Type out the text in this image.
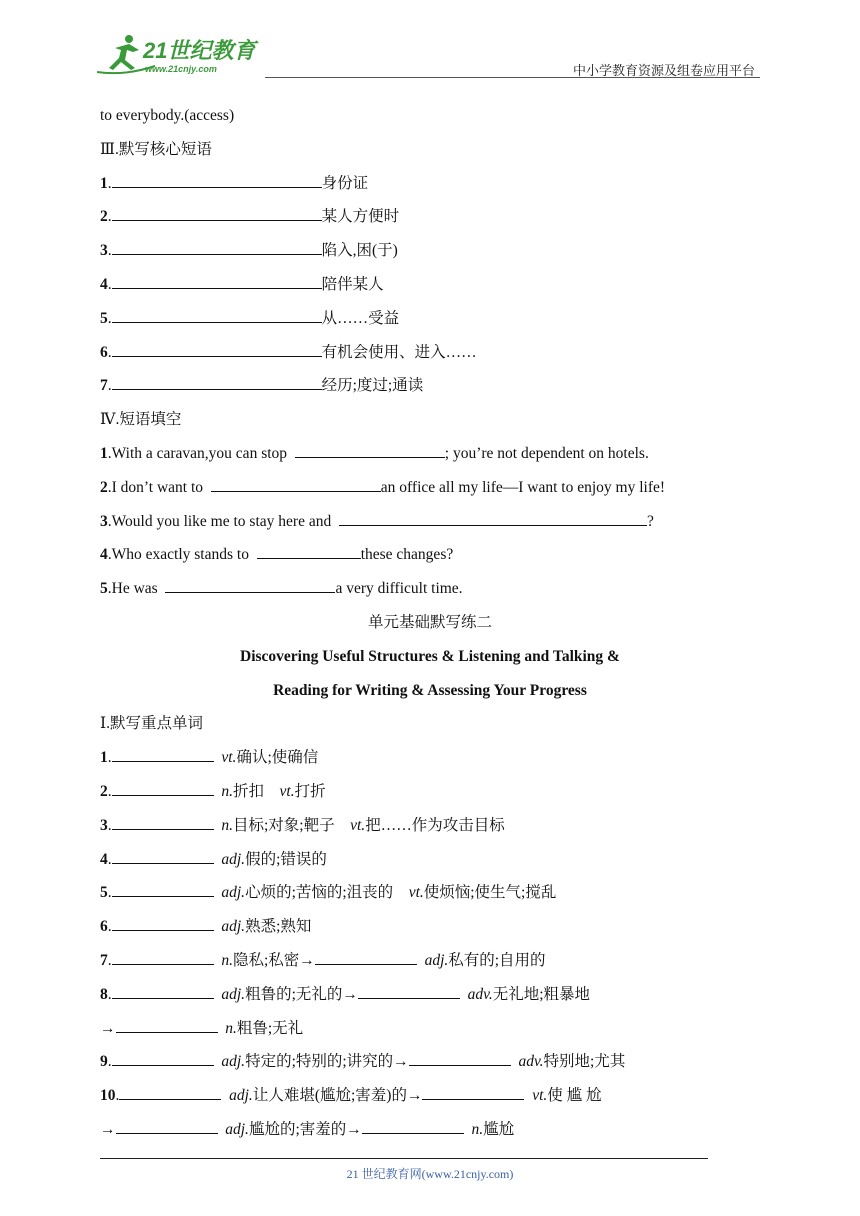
21世纪教育
www.21cnjy.com	中小学教育资源及组卷应用平台
to everybody.(access)
Ⅲ.默写核心短语
1.	身份证
2.	某人方便时
3.	陷入,困(于)
4.	陪伴某人
5.	从……受益
6.	有机会使用、进入……
7.	经历;度过;通读
Ⅳ.短语填空
1.With a caravan,you can stop	; you’re not dependent on hotels.
2.I don’t want to	an office all my life—I want to enjoy my life!
3.Would you like me to stay here and	?
4.Who exactly stands to	these changes?
5.He was	a very difficult time.
单元基础默写练二
Discovering Useful Structures & Listening and Talking &
Reading for Writing & Assessing Your Progress
Ⅰ.默写重点单词
1.	vt.确认;使确信
2.	n.折扣 vt.打折
3.	n.目标;对象;靶子 vt.把……作为攻击目标
4.	adj.假的;错误的
5.	adj.心烦的;苦恼的;沮丧的 vt.使烦恼;使生气;搅乱
6.	adj.熟悉;熟知
7.	n.隐私;私密→	adj.私有的;自用的
8.	adj.粗鲁的;无礼的→	adv.无礼地;粗暴地
→	n.粗鲁;无礼
9.	adj.特定的;特别的;讲究的→	adv.特别地;尤其
10.	adj.让人难堪(尴尬;害羞)的→	vt.使 尴 尬
→	adj.尴尬的;害羞的→	n.尴尬
21 世纪教育网(www.21cnjy.com)
